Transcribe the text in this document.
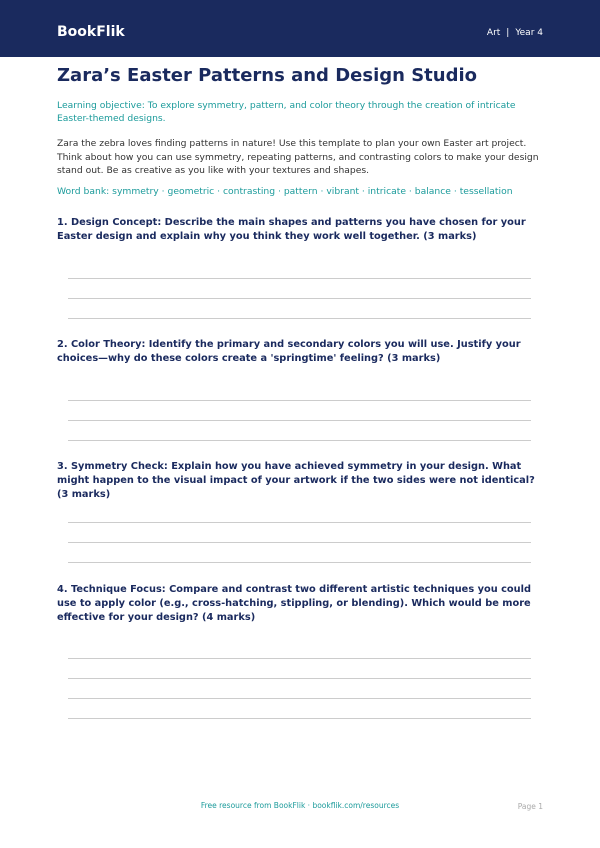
BookFlik	Art | Year 4
Zara’s Easter Patterns and Design Studio

Learning objective: To explore symmetry, pattern, and color theory through the creation of intricate Easter-themed designs.

Zara the zebra loves finding patterns in nature! Use this template to plan your own Easter art project. Think about how you can use symmetry, repeating patterns, and contrasting colors to make your design stand out. Be as creative as you like with your textures and shapes.

Word bank: symmetry · geometric · contrasting · pattern · vibrant · intricate · balance · tessellation

1. Design Concept: Describe the main shapes and patterns you have chosen for your Easter design and explain why you think they work well together. (3 marks)

2. Color Theory: Identify the primary and secondary colors you will use. Justify your choices—why do these colors create a 'springtime' feeling? (3 marks)

3. Symmetry Check: Explain how you have achieved symmetry in your design. What might happen to the visual impact of your artwork if the two sides were not identical? (3 marks)

4. Technique Focus: Compare and contrast two different artistic techniques you could use to apply color (e.g., cross-hatching, stippling, or blending). Which would be more effective for your design? (4 marks)

Free resource from BookFlik · bookflik.com/resources	Page 1
